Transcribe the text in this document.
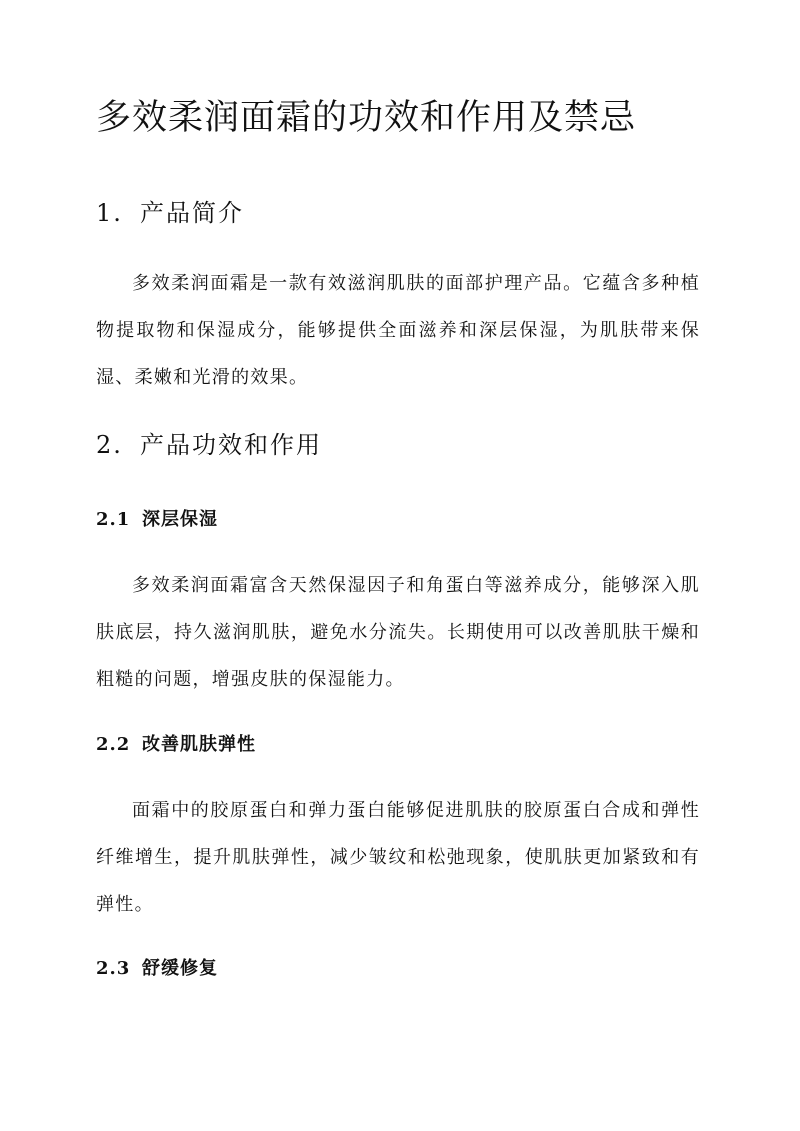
多效柔润面霜的功效和作用及禁忌
1. 产品简介

多效柔润面霜是一款有效滋润肌肤的面部护理产品。它蕴含多种植物提取物和保湿成分，能够提供全面滋养和深层保湿，为肌肤带来保湿、柔嫩和光滑的效果。

2. 产品功效和作用
2.1 深层保湿

多效柔润面霜富含天然保湿因子和角蛋白等滋养成分，能够深入肌肤底层，持久滋润肌肤，避免水分流失。长期使用可以改善肌肤干燥和粗糙的问题，增强皮肤的保湿能力。

2.2 改善肌肤弹性

面霜中的胶原蛋白和弹力蛋白能够促进肌肤的胶原蛋白合成和弹性纤维增生，提升肌肤弹性，减少皱纹和松弛现象，使肌肤更加紧致和有弹性。

2.3 舒缓修复
